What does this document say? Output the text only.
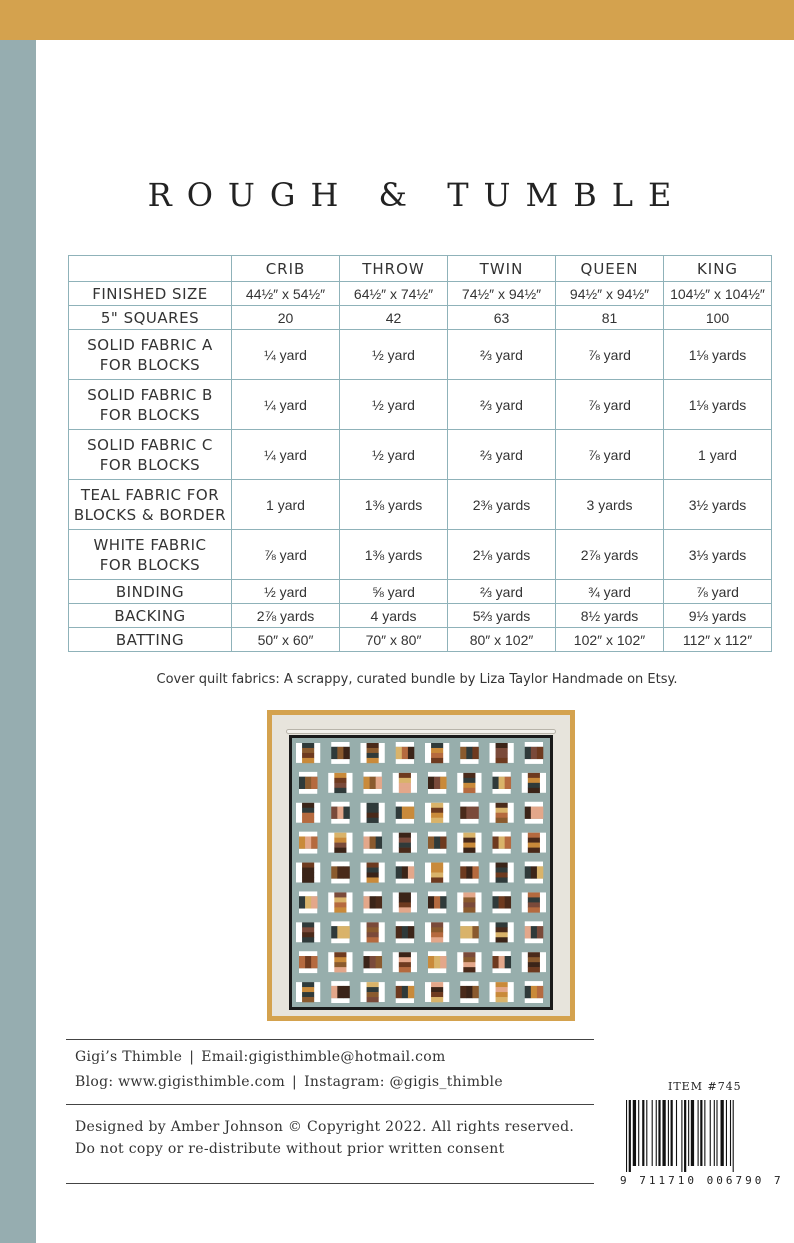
ROUGH & TUMBLE
	CRIB	THROW	TWIN	QUEEN	KING

FINISHED SIZE	44½″ x 54½″	64½″ x 74½″	74½″ x 94½″	94½″ x 94½″	104½″ x 104½″

5" SQUARES	20	42	63	81	100

SOLID FABRIC A
FOR BLOCKS	¼ yard	½ yard	⅔ yard	⅞ yard	1⅛ yards

SOLID FABRIC B
FOR BLOCKS	¼ yard	½ yard	⅔ yard	⅞ yard	1⅛ yards

SOLID FABRIC C
FOR BLOCKS	¼ yard	½ yard	⅔ yard	⅞ yard	1 yard

TEAL FABRIC FOR
BLOCKS & BORDER	1 yard	1⅜ yards	2⅜ yards	3 yards	3½ yards

WHITE FABRIC
FOR BLOCKS	⅞ yard	1⅜ yards	2⅛ yards	2⅞ yards	3⅓ yards

BINDING	½ yard	⅝ yard	⅔ yard	¾ yard	⅞ yard

BACKING	2⅞ yards	4 yards	5⅔ yards	8½ yards	9⅓ yards

BATTING	50″ x 60″	70″ x 80″	80″ x 102″	102″ x 102″	112″ x 112″
Cover quilt fabrics: A scrappy, curated bundle by Liza Taylor Handmade on Etsy.
Gigi’s Thimble | Email:gigisthimble@hotmail.com
Blog: www.gigisthimble.com | Instagram: @gigis_thimble
Designed by Amber Johnson © Copyright 2022. All rights reserved.
Do not copy or re-distribute without prior written consent
ITEM #745
9 711710 006790 7
